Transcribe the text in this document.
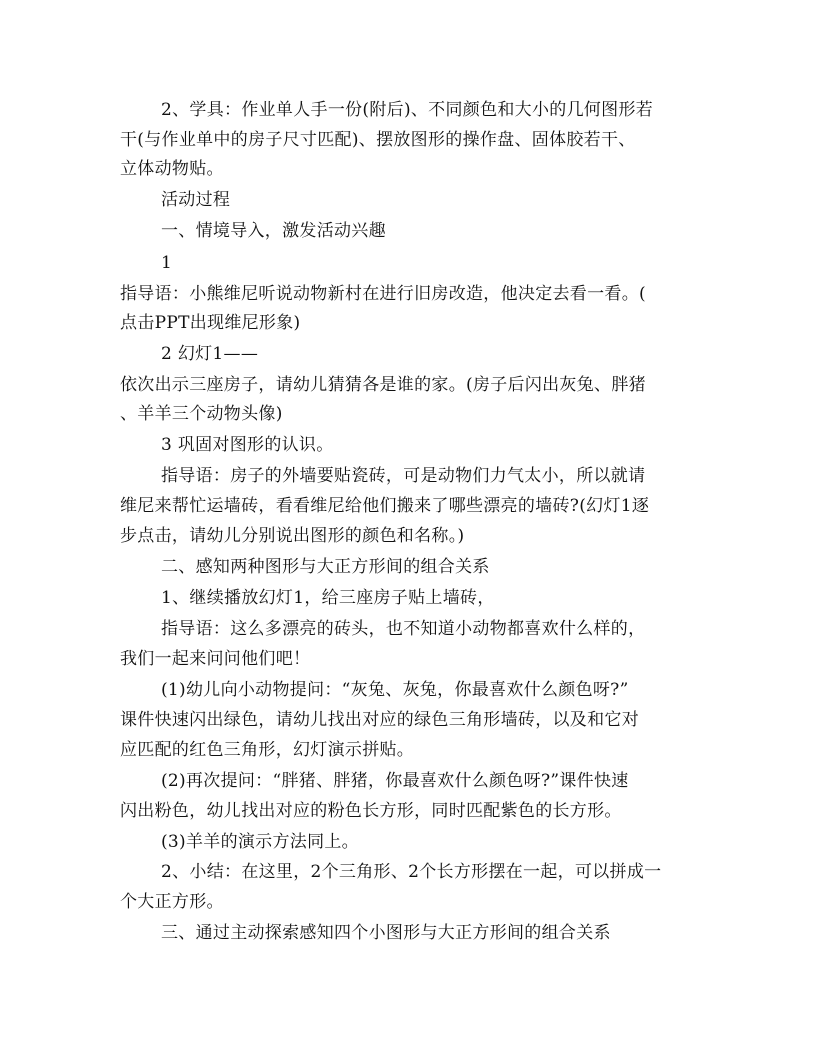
2、学具：作业单人手一份(附后)、不同颜色和大小的几何图形若
干(与作业单中的房子尺寸匹配)、摆放图形的操作盘、固体胶若干、
立体动物贴。
活动过程
一、情境导入，激发活动兴趣
1
指导语：小熊维尼听说动物新村在进行旧房改造，他决定去看一看。(
点击PPT出现维尼形象)
2 幻灯1——
依次出示三座房子，请幼儿猜猜各是谁的家。(房子后闪出灰兔、胖猪
、羊羊三个动物头像)
3 巩固对图形的认识。
指导语：房子的外墙要贴瓷砖，可是动物们力气太小，所以就请
维尼来帮忙运墙砖，看看维尼给他们搬来了哪些漂亮的墙砖?(幻灯1逐
步点击，请幼儿分别说出图形的颜色和名称。)
二、感知两种图形与大正方形间的组合关系
1、继续播放幻灯1，给三座房子贴上墙砖，
指导语：这么多漂亮的砖头，也不知道小动物都喜欢什么样的，
我们一起来问问他们吧！
(1)幼儿向小动物提问：“灰兔、灰兔，你最喜欢什么颜色呀?”
课件快速闪出绿色，请幼儿找出对应的绿色三角形墙砖，以及和它对
应匹配的红色三角形，幻灯演示拼贴。
(2)再次提问：“胖猪、胖猪，你最喜欢什么颜色呀?”课件快速
闪出粉色，幼儿找出对应的粉色长方形，同时匹配紫色的长方形。
(3)羊羊的演示方法同上。
2、小结：在这里，2个三角形、2个长方形摆在一起，可以拼成一
个大正方形。
三、通过主动探索感知四个小图形与大正方形间的组合关系
